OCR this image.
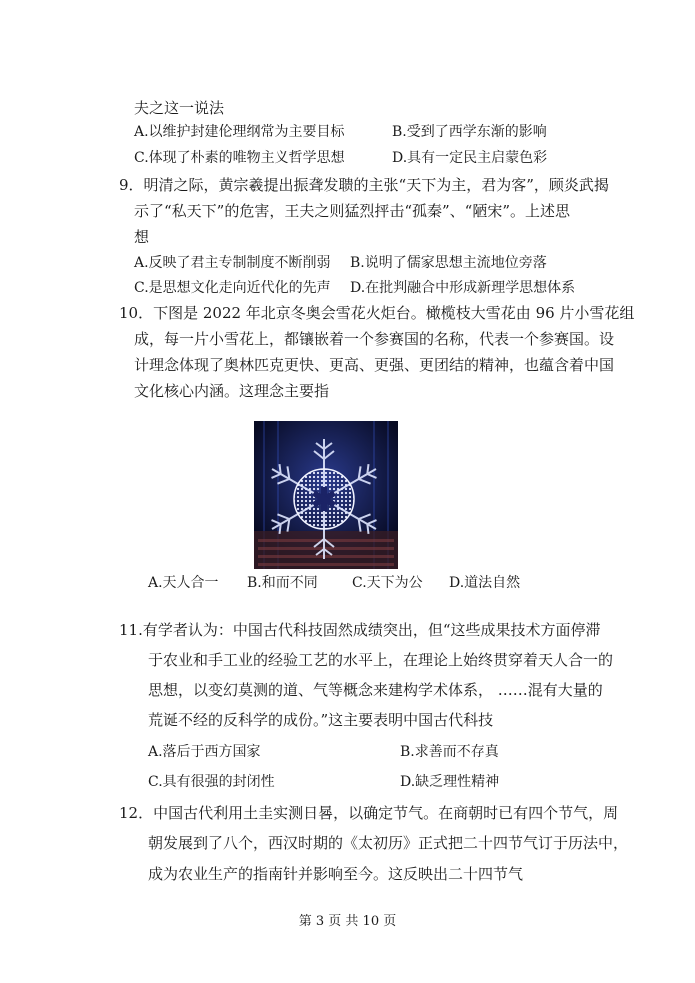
夫之这一说法
A.以维护封建伦理纲常为主要目标	B.受到了西学东渐的影响
C.体现了朴素的唯物主义哲学思想	D.具有一定民主启蒙色彩
9．明清之际，黄宗羲提出振聋发聩的主张“天下为主，君为客”，顾炎武揭
示了“私天下”的危害，王夫之则猛烈抨击“孤秦”、“陋宋”。上述思
想
A.反映了君主专制制度不断削弱 B.说明了儒家思想主流地位旁落
C.是思想文化走向近代化的先声 D.在批判融合中形成新理学思想体系
10．下图是 2022 年北京冬奥会雪花火炬台。橄榄枝大雪花由 96 片小雪花组
成，每一片小雪花上，都镶嵌着一个参赛国的名称，代表一个参赛国。设
计理念体现了奥林匹克更快、更高、更强、更团结的精神，也蕴含着中国
文化核心内涵。这理念主要指
A.天人合一 B.和而不同 C.天下为公 D.道法自然
11.有学者认为：中国古代科技固然成绩突出，但“这些成果技术方面停滞
于农业和手工业的经验工艺的水平上，在理论上始终贯穿着天人合一的
思想，以变幻莫测的道、气等概念来建构学术体系， ……混有大量的
荒诞不经的反科学的成份。”这主要表明中国古代科技
A.落后于西方国家	B.求善而不存真
C.具有很强的封闭性	D.缺乏理性精神
12．中国古代利用土圭实测日晷，以确定节气。在商朝时已有四个节气，周
朝发展到了八个，西汉时期的《太初历》正式把二十四节气订于历法中，
成为农业生产的指南针并影响至今。这反映出二十四节气
第 3 页 共 10 页
